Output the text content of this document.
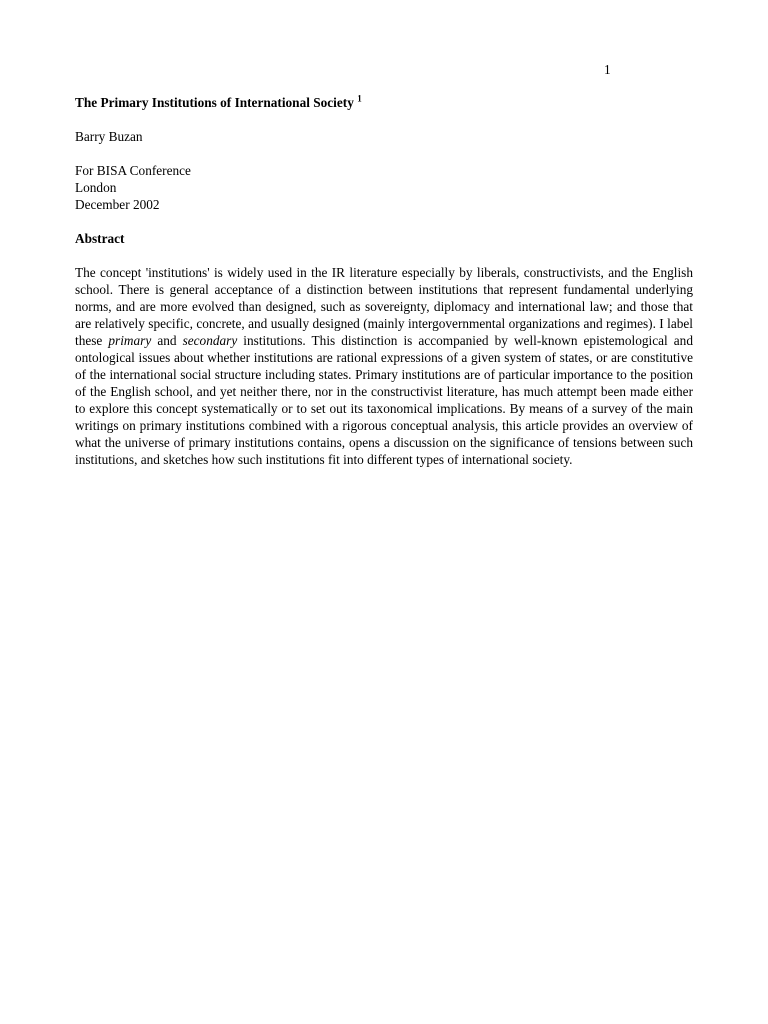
1

The Primary Institutions of International Society $^1$

Barry Buzan
For BISA Conference
London
December 2002
Abstract
The concept 'institutions' is widely used in the IR literature especially by liberals, constructivists, and the English school. There is general acceptance of a distinction between institutions that represent fundamental underlying norms, and are more evolved than designed, such as sovereignty, diplomacy and international law; and those that are relatively specific, concrete, and usually designed (mainly intergovernmental organizations and regimes). I label these primary and secondary institutions. This distinction is accompanied by well-known epistemological and ontological issues about whether institutions are rational expressions of a given system of states, or are constitutive of the international social structure including states. Primary institutions are of particular importance to the position of the English school, and yet neither there, nor in the constructivist literature, has much attempt been made either to explore this concept systematically or to set out its taxonomical implications. By means of a survey of the main writings on primary institutions combined with a rigorous conceptual analysis, this article provides an overview of what the universe of primary institutions contains, opens a discussion on the significance of tensions between such institutions, and sketches how such institutions fit into different types of international society.
